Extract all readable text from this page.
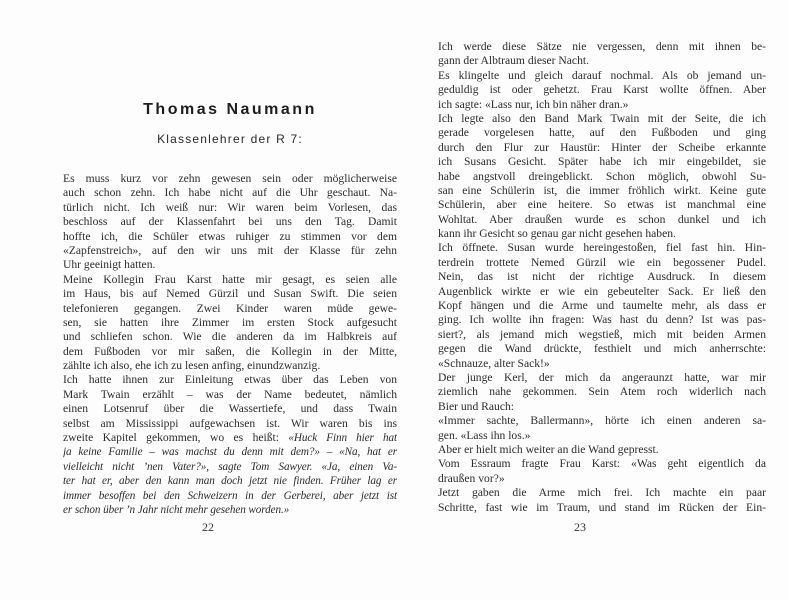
Thomas Naumann
Klassenlehrer der R 7:
Es muss kurz vor zehn gewesen sein oder möglicherweise
auch schon zehn. Ich habe nicht auf die Uhr geschaut. Na-
türlich nicht. Ich weiß nur: Wir waren beim Vorlesen, das
beschloss auf der Klassenfahrt bei uns den Tag. Damit
hoffte ich, die Schüler etwas ruhiger zu stimmen vor dem
«Zapfenstreich», auf den wir uns mit der Klasse für zehn
Uhr geeinigt hatten.
Meine Kollegin Frau Karst hatte mir gesagt, es seien alle
im Haus, bis auf Nemed Gürzil und Susan Swift. Die seien
telefonieren gegangen. Zwei Kinder waren müde gewe-
sen, sie hatten ihre Zimmer im ersten Stock aufgesucht
und schliefen schon. Wie die anderen da im Halbkreis auf
dem Fußboden vor mir saßen, die Kollegin in der Mitte,
zählte ich also, ehe ich zu lesen anfing, einundzwanzig.
Ich hatte ihnen zur Einleitung etwas über das Leben von
Mark Twain erzählt – was der Name bedeutet, nämlich
einen Lotsenruf über die Wassertiefe, und dass Twain
selbst am Mississippi aufgewachsen ist. Wir waren bis ins
zweite Kapitel gekommen, wo es heißt: «Huck Finn hier hat
ja keine Familie – was machst du denn mit dem?» – «Na, hat er
vielleicht nicht ’nen Vater?», sagte Tom Sawyer. «Ja, einen Va-
ter hat er, aber den kann man doch jetzt nie finden. Früher lag er
immer besoffen bei den Schweizern in der Gerberei, aber jetzt ist
er schon über ’n Jahr nicht mehr gesehen worden.»
22
Ich werde diese Sätze nie vergessen, denn mit ihnen be-
gann der Albtraum dieser Nacht.
Es klingelte und gleich darauf nochmal. Als ob jemand un-
geduldig ist oder gehetzt. Frau Karst wollte öffnen. Aber
ich sagte: «Lass nur, ich bin näher dran.»
Ich legte also den Band Mark Twain mit der Seite, die ich
gerade vorgelesen hatte, auf den Fußboden und ging
durch den Flur zur Haustür: Hinter der Scheibe erkannte
ich Susans Gesicht. Später habe ich mir eingebildet, sie
habe angstvoll dreingeblickt. Schon möglich, obwohl Su-
san eine Schülerin ist, die immer fröhlich wirkt. Keine gute
Schülerin, aber eine heitere. So etwas ist manchmal eine
Wohltat. Aber draußen wurde es schon dunkel und ich
kann ihr Gesicht so genau gar nicht gesehen haben.
Ich öffnete. Susan wurde hereingestoßen, fiel fast hin. Hin-
terdrein trottete Nemed Gürzil wie ein begossener Pudel.
Nein, das ist nicht der richtige Ausdruck. In diesem
Augenblick wirkte er wie ein gebeutelter Sack. Er ließ den
Kopf hängen und die Arme und taumelte mehr, als dass er
ging. Ich wollte ihn fragen: Was hast du denn? Ist was pas-
siert?, als jemand mich wegstieß, mich mit beiden Armen
gegen die Wand drückte, festhielt und mich anherrschte:
«Schnauze, alter Sack!»
Der junge Kerl, der mich da angeraunzt hatte, war mir
ziemlich nahe gekommen. Sein Atem roch widerlich nach
Bier und Rauch:
«Immer sachte, Ballermann», hörte ich einen anderen sa-
gen. «Lass ihn los.»
Aber er hielt mich weiter an die Wand gepresst.
Vom Essraum fragte Frau Karst: «Was geht eigentlich da
draußen vor?»
Jetzt gaben die Arme mich frei. Ich machte ein paar
Schritte, fast wie im Traum, und stand im Rücken der Ein-
23
